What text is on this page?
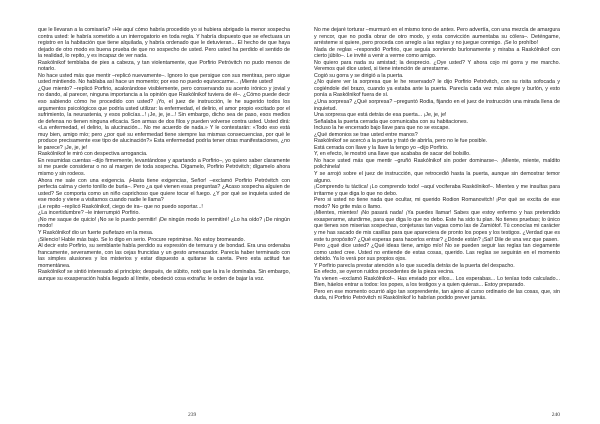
que le llevaran a la comisaría? »He aquí cómo habría procedido yo si hubiera abrigado la menor sospecha contra usted: le habría sometido a un interrogatorio en toda regla. Y habría dispuesto que se efectuara un registro en la habitación que tiene alquilada, y habría ordenado que le detuvieran... El hecho de que haya dejado de otro modo es buena prueba de que no sospecho de usted. Pero usted ha perdido el sentido de la realidad, lo repito, y es incapaz de ver nada.

Raskólnikof temblaba de pies a cabeza, y tan violentamente, que Porfirio Petróvitch no pudo menos de notarlo.

No hace usted más que mentir –replicó nuevamente–. Ignoro lo que persigue con sus mentiras, pero sigue usted mintiendo. No hablaba así hace un momento; por eso no puedo equivocarme... ¡Miente usted!

¿Que miento? –replicó Porfirio, acalorándose visiblemente, pero conservando su acento irónico y jovial y no dando, al parecer, ninguna importancia a la opinión que Raskólnikof tuviera de él–. ¿Cómo puede decir eso sabiendo cómo he procedido con usted? ¡Yo, el juez de instrucción, le he sugerido todos los argumentos psicológicos que podría usted utilizar: la enfermedad, el delirio, el amor propio excitado por el sufrimiento, la neurastenia, y esos policías...! ¡Je, je, je...! Sin embargo, dicho sea de paso, esos medios de defensa no tienen ninguna eficacia. Son armas de dos filos y pueden volverse contra usted. Usted dirá: «La enfermedad, el delirio, la alucinación... No me acuerdo de nada.» Y le contestarán: «Todo eso está muy bien, amigo mío; pero ¿por qué su enfermedad tiene siempre las mismas consecuencias, por qué le produce precisamente ese tipo de alucinación?» Esta enfermedad podría tener otras manifestaciones, ¿no le parece? ¡Je, je, je!

Raskólnikof le miró con despectiva arrogancia.

En resumidas cuentas –dijo firmemente, levantándose y apartando a Porfirio–, yo quiero saber claramente si me puede considerar o no al margen de toda sospecha. Dígamelo, Porfirio Petróvitch; dígamelo ahora mismo y sin rodeos.

Ahora me sale con una exigencia. ¡Hasta tiene exigencias, Señor! –exclamó Porfirio Petróvitch con perfecta calma y cierto tonillo de burla–. Pero ¿a qué vienen esas preguntas? ¿Acaso sospecha alguien de usted? Se comporta como un niño caprichoso que quiere tocar el fuego. ¿Y por qué se inquieta usted de ese modo y viene a visitarnos cuando nadie le llama?

¡Le repito –replicó Raskólnikof, ciego de ira– que no puedo soportar...!

¿La incertidumbre? –le interrumpió Porfirio.

¡No me saque de quicio! ¡No se lo puedo permitir! ¡De ningún modo lo permitiré! ¿Lo ha oído? ¡De ningún modo!

Y Raskólnikof dio un fuerte puñetazo en la mesa.

¡Silencio! Hable más bajo. Se lo digo en serio. Procure reprimirse. No estoy bromeando.

Al decir esto Porfirio, su semblante había perdido su expresión de ternura y de bondad. Era una ordenaba francamente, severamente, con las cejas fruncidas y un gesto amenazador. Parecía haber terminado con las simples alusiones y los misterios y estar dispuesto a quitarse la careta. Pero esta actitud fue momentánea.

Raskólnikof se sintió interesado al principio; después, de súbito, notó que la ira le dominaba. Sin embargo, aunque su exasperación había llegado al límite, obedeció cosa extraña: le orden de bajar la voz.

239

No me dejaré torturar –murmuró en el mismo tono de antes. Pero advertía, con una mezcla de amargura y rencor, que no podía obrar de otro modo, y esta convicción aumentaba su cólera–. Deténgame, arrésteme si quiere, pero proceda con arreglo a las reglas y no juegue conmigo. ¡Se lo prohíbo!

Nada de reglas –respondió Porfirio, que seguía sonriendo burlonamente y miraba a Raskólnikof con cierto júbilo–. Le invité a venir a verme como amigo.

No quiero para nada su amistad; la desprecio. ¿Oye usted? Y ahora cojo mi gorra y me marcho. Veremos qué dice usted, si tiene intención de arrestarme.

Cogió su gorra y se dirigió a la puerta.

¿No quiere ver la sorpresa que le he reservado? le dijo Porfirio Petróvitch, con su risita sofocada y cogiéndole del brazo, cuando ya estaba ante la puerta. Parecía cada vez más alegre y burlón, y esto ponía a Raskólnikof fuera de sí.

¿Una sorpresa? ¿Qué sorpresa? –preguntó Rodia, fijando en el juez de instrucción una mirada llena de inquietud.

Una sorpresa que está detrás de esa puerta... ¡Je, je, je!

Señalaba la puerta cerrada que comunicaba con su habitaciones.

Incluso la he encerrado bajo llave para que no se escape.

¿Qué demonios se trae usted entre manos?

Raskólnikof se acercó a la puerta y trató de abrirla, pero no le fue posible.

Está cerrada con llave y la llave la tengo yo –dijo Porfirio.

Y, en efecto, le mostró una llave que acababa de sacar del bolsillo.

No hace usted más que mentir –gruñó Raskólnikof sin poder dominarse–. ¡Miente, miente, maldito polichinela!

Y se arrojó sobre el juez de instrucción, que retrocedió hasta la puerta, aunque sin demostrar temor alguno.

¡Comprendo tu táctica! ¡Lo comprendo todo! –aquí vociferaba Raskólnikof–. Mientes y me insultas para irritarme y que diga lo que no debo.

Pero si usted no tiene nada que ocultar, mi querido Rodion Romanovitch! ¡Por qué se excita de ese modo? No grite más o llamo.

¡Mientes, mientes! ¡No pasará nada! ¡Ya puedes llamar! Sabes que estoy enfermo y has pretendido exasperarme, aturdirme, para que diga lo que no debo. Este ha sido tu plan. No tienes pruebas; lo único que tienes son miserias sospechas, conjeturas tan vagas como las de Zamiótof. Tú conocías mi carácter y me has sacado de mis casillas para que apareciera de pronto los popes y los testigos. ¿Verdad que es este tu propósito? ¿Qué esperas para hacerlos entrar? ¿Dónde están? ¡Sal! Dile de una vez que pasen.

Pero ¿qué dice usted? ¿Qué ideas tiene, amigo mío! No se pueden seguir las reglas tan ciegamente como usted cree. Usted no entiende de estas cosas, querido. Las reglas se seguirán en el momento debido. Ya lo verá por sus propios ojos.

Y Porfirio parecía prestar atención a lo que sucedía detrás de la puerta del despacho.

En efecto, se oyeron ruidos procedentes de la pieza vecina.

Ya vienen –exclamó Raskólnikof–. Has enviado por ellos... Los esperabas... Lo tenías todo calculado... Bien, háelos entrar a todos: los popes, a los testigos y a quien quieras... Estoy preparado.

Pero en ese momento ocurrió algo tan sorprendente, tan ajeno al curso ordinario de las cosas, que, sin duda, ni Porfirio Petróvitch ni Raskólnikof lo habrían podido prever jamás.

240
